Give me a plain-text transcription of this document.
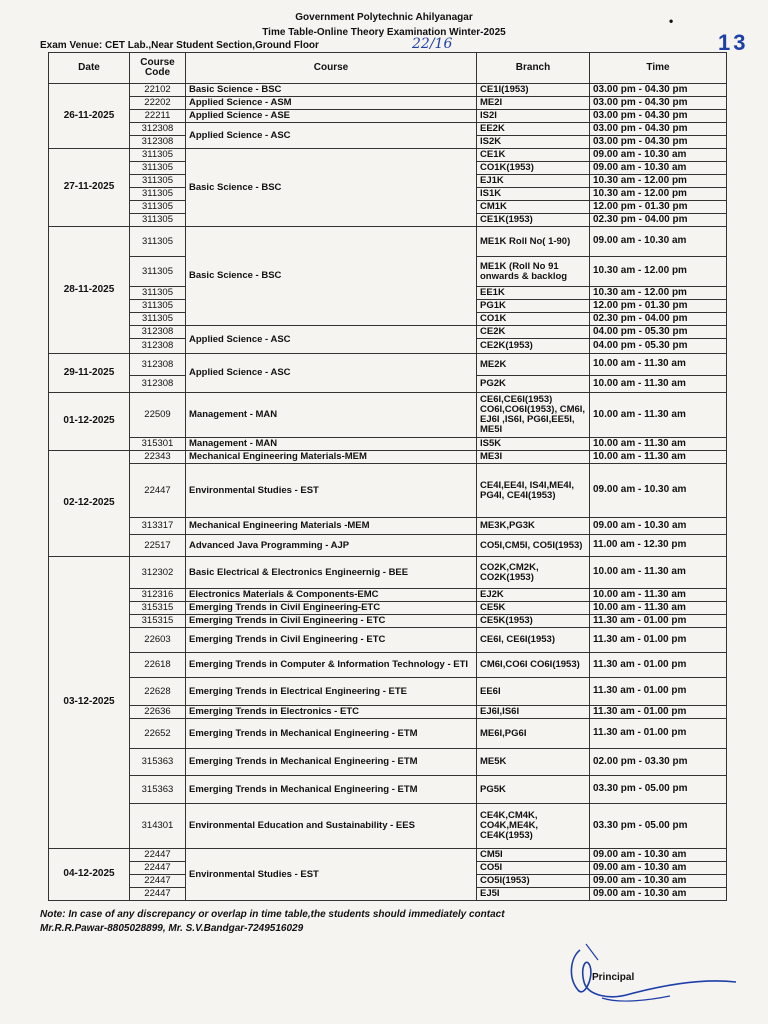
Government Polytechnic Ahilyanagar
Time Table-Online Theory Examination Winter-2025
Exam Venue: CET Lab.,Near Student Section,Ground Floor	22/16
•
13
Date	Course Code	Course	Branch	Time
26-11-2025	22102	Basic Science - BSC	CE1I(1953)	03.00 pm - 04.30 pm
	22202	Applied Science - ASM	ME2I	03.00 pm - 04.30 pm
	22211	Applied Science - ASE	IS2I	03.00 pm - 04.30 pm
	312308	Applied Science - ASC	EE2K	03.00 pm - 04.30 pm
	312308		IS2K	03.00 pm - 04.30 pm
27-11-2025	311305	Basic Science - BSC	CE1K	09.00 am - 10.30 am
	311305		CO1K(1953)	09.00 am - 10.30 am
	311305		EJ1K	10.30 am - 12.00 pm
	311305		IS1K	10.30 am - 12.00 pm
	311305		CM1K	12.00 pm - 01.30 pm
	311305		CE1K(1953)	02.30 pm - 04.00 pm
28-11-2025	311305	Basic Science - BSC	ME1K Roll No( 1-90)	09.00 am - 10.30 am
	311305		ME1K (Roll No 91 onwards & backlog	10.30 am - 12.00 pm
	311305		EE1K	10.30 am - 12.00 pm
	311305		PG1K	12.00 pm - 01.30 pm
	311305		CO1K	02.30 pm - 04.00 pm
	312308	Applied Science - ASC	CE2K	04.00 pm - 05.30 pm
	312308		CE2K(1953)	04.00 pm - 05.30 pm
29-11-2025	312308	Applied Science - ASC	ME2K	10.00 am - 11.30 am
	312308		PG2K	10.00 am - 11.30 am
01-12-2025	22509	Management - MAN	CE6I,CE6I(1953) CO6I,CO6I(1953), CM6I, EJ6I ,IS6I, PG6I,EE5I, ME5I	10.00 am - 11.30 am
	315301	Management - MAN	IS5K	10.00 am - 11.30 am
02-12-2025	22343	Mechanical Engineering Materials-MEM	ME3I	10.00 am - 11.30 am
	22447	Environmental Studies - EST	CE4I,EE4I, IS4I,ME4I, PG4I, CE4I(1953)	09.00 am - 10.30 am
	313317	Mechanical Engineering Materials -MEM	ME3K,PG3K	09.00 am - 10.30 am
	22517	Advanced Java Programming - AJP	CO5I,CM5I, CO5I(1953)	11.00 am - 12.30 pm
03-12-2025	312302	Basic Electrical & Electronics Engineernig - BEE	CO2K,CM2K, CO2K(1953)	10.00 am - 11.30 am
	312316	Electronics Materials & Components-EMC	EJ2K	10.00 am - 11.30 am
	315315	Emerging Trends in Civil Engineering-ETC	CE5K	10.00 am - 11.30 am
	315315	Emerging Trends in Civil Engineering - ETC	CE5K(1953)	11.30 am - 01.00 pm
	22603	Emerging Trends in Civil Engineering - ETC	CE6I, CE6I(1953)	11.30 am - 01.00 pm
	22618	Emerging Trends in Computer & Information Technology - ETI	CM6I,CO6I CO6I(1953)	11.30 am - 01.00 pm
	22628	Emerging Trends in Electrical Engineering - ETE	EE6I	11.30 am - 01.00 pm
	22636	Emerging Trends in Electronics - ETC	EJ6I,IS6I	11.30 am - 01.00 pm
	22652	Emerging Trends in Mechanical Engineering - ETM	ME6I,PG6I	11.30 am - 01.00 pm
	315363	Emerging Trends in Mechanical Engineering - ETM	ME5K	02.00 pm - 03.30 pm
	315363	Emerging Trends in Mechanical Engineering - ETM	PG5K	03.30 pm - 05.00 pm
	314301	Environmental Education and Sustainability - EES	CE4K,CM4K, CO4K,ME4K, CE4K(1953)	03.30 pm - 05.00 pm
04-12-2025	22447	Environmental Studies - EST	CM5I	09.00 am - 10.30 am
	22447		CO5I	09.00 am - 10.30 am
	22447		CO5I(1953)	09.00 am - 10.30 am
	22447		EJ5I	09.00 am - 10.30 am
Note: In case of any discrepancy or overlap in time table,the students should immediately contact
Mr.R.R.Pawar-8805028899, Mr. S.V.Bandgar-7249516029
Principal
